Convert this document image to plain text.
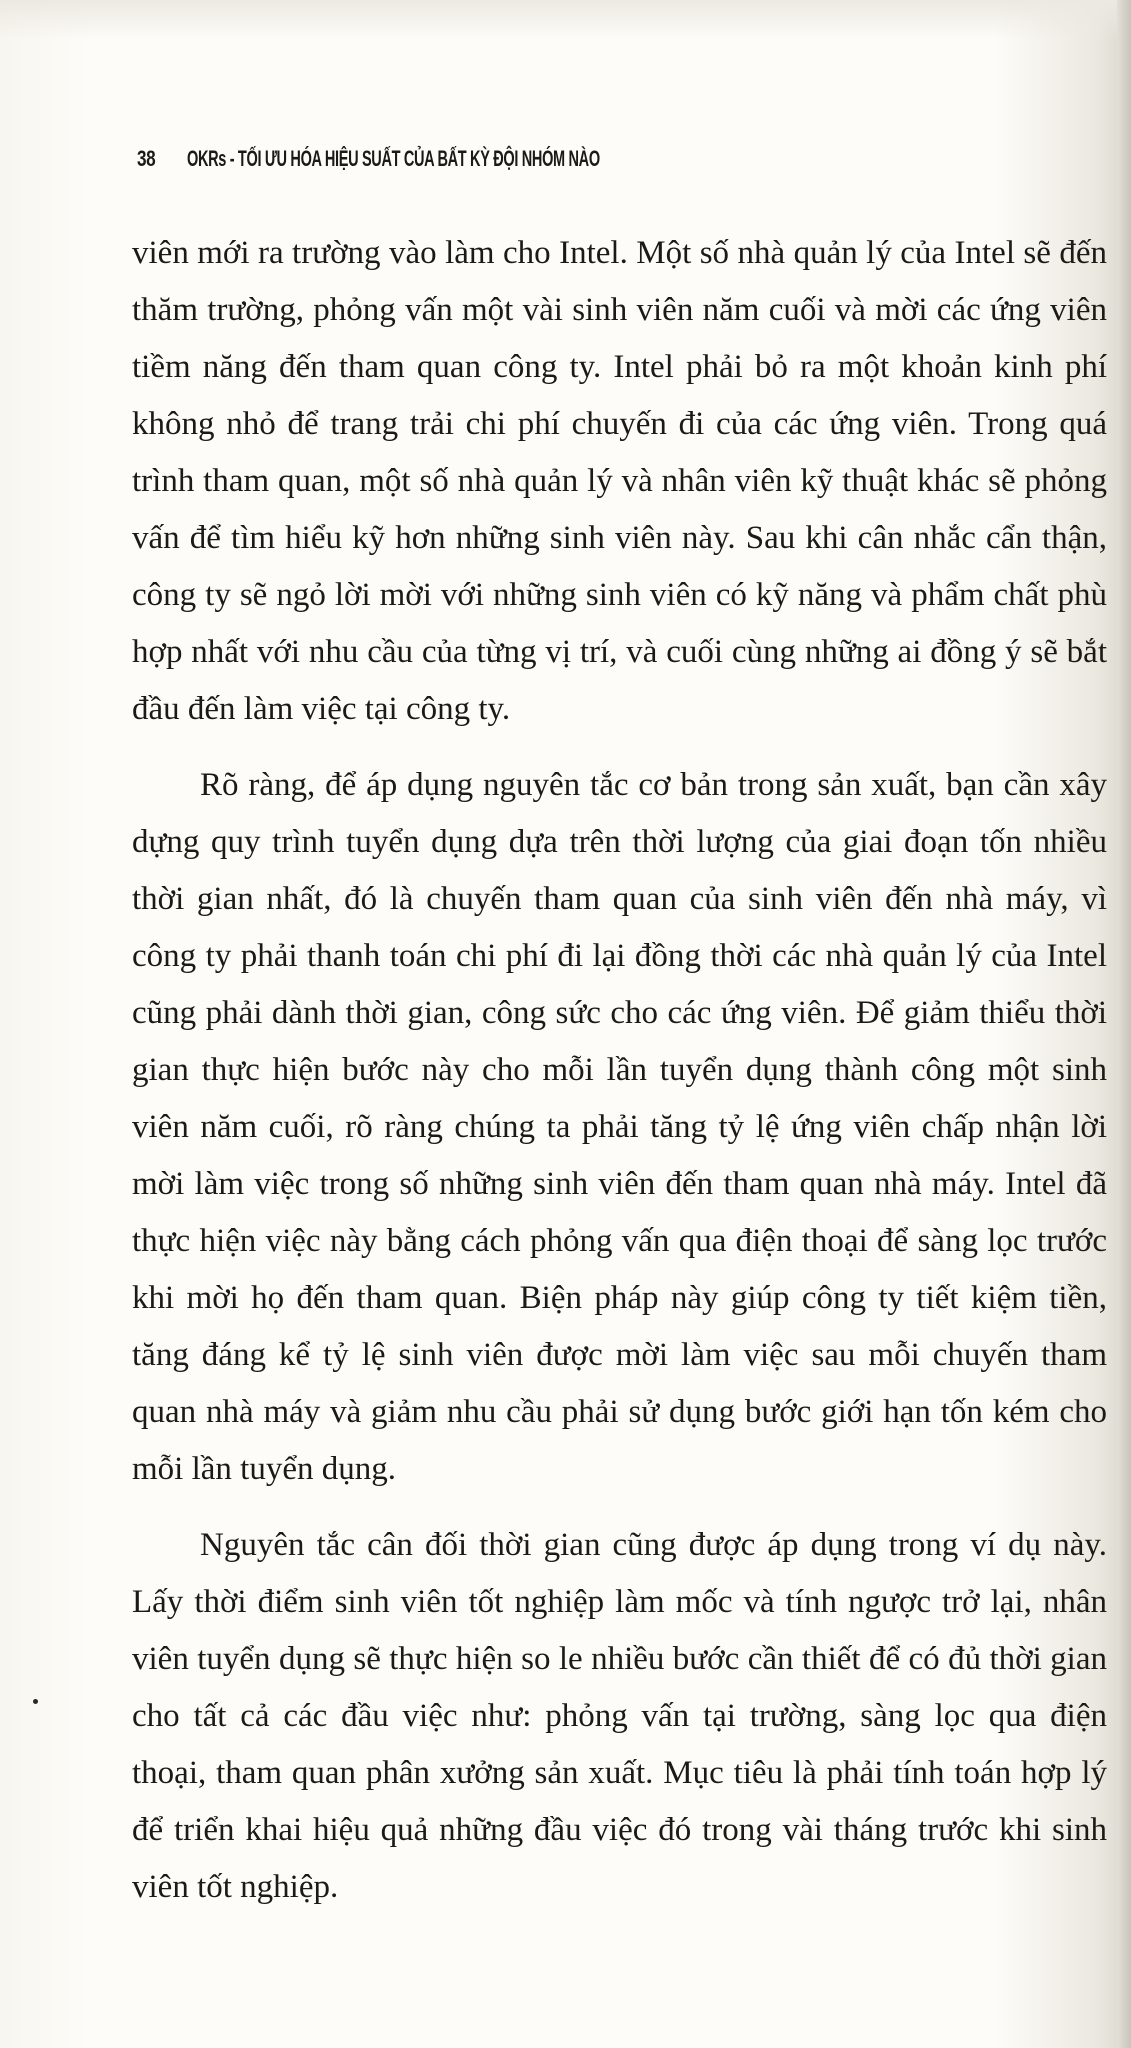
38 OKRs - TỐI ƯU HÓA HIỆU SUẤT CỦA BẤT KỲ ĐỘI NHÓM NÀO

viên mới ra trường vào làm cho Intel. Một số nhà quản lý của Intel sẽ đến thăm trường, phỏng vấn một vài sinh viên năm cuối và mời các ứng viên tiềm năng đến tham quan công ty. Intel phải bỏ ra một khoản kinh phí không nhỏ để trang trải chi phí chuyến đi của các ứng viên. Trong quá trình tham quan, một số nhà quản lý và nhân viên kỹ thuật khác sẽ phỏng vấn để tìm hiểu kỹ hơn những sinh viên này. Sau khi cân nhắc cẩn thận, công ty sẽ ngỏ lời mời với những sinh viên có kỹ năng và phẩm chất phù hợp nhất với nhu cầu của từng vị trí, và cuối cùng những ai đồng ý sẽ bắt đầu đến làm việc tại công ty.

Rõ ràng, để áp dụng nguyên tắc cơ bản trong sản xuất, bạn cần xây dựng quy trình tuyển dụng dựa trên thời lượng của giai đoạn tốn nhiều thời gian nhất, đó là chuyến tham quan của sinh viên đến nhà máy, vì công ty phải thanh toán chi phí đi lại đồng thời các nhà quản lý của Intel cũng phải dành thời gian, công sức cho các ứng viên. Để giảm thiểu thời gian thực hiện bước này cho mỗi lần tuyển dụng thành công một sinh viên năm cuối, rõ ràng chúng ta phải tăng tỷ lệ ứng viên chấp nhận lời mời làm việc trong số những sinh viên đến tham quan nhà máy. Intel đã thực hiện việc này bằng cách phỏng vấn qua điện thoại để sàng lọc trước khi mời họ đến tham quan. Biện pháp này giúp công ty tiết kiệm tiền, tăng đáng kể tỷ lệ sinh viên được mời làm việc sau mỗi chuyến tham quan nhà máy và giảm nhu cầu phải sử dụng bước giới hạn tốn kém cho mỗi lần tuyển dụng.

Nguyên tắc cân đối thời gian cũng được áp dụng trong ví dụ này. Lấy thời điểm sinh viên tốt nghiệp làm mốc và tính ngược trở lại, nhân viên tuyển dụng sẽ thực hiện so le nhiều bước cần thiết để có đủ thời gian cho tất cả các đầu việc như: phỏng vấn tại trường, sàng lọc qua điện thoại, tham quan phân xưởng sản xuất. Mục tiêu là phải tính toán hợp lý để triển khai hiệu quả những đầu việc đó trong vài tháng trước khi sinh viên tốt nghiệp.
